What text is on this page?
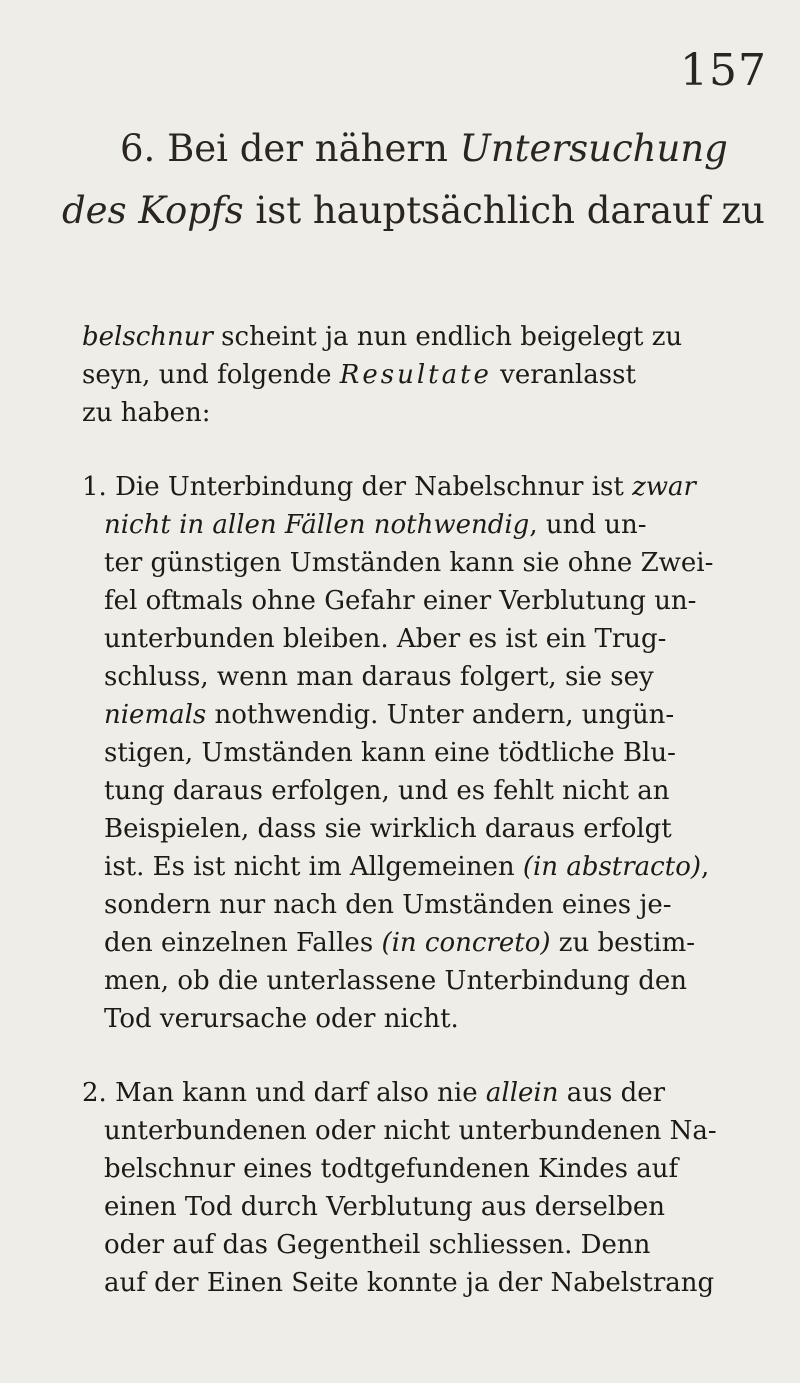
157
6. Bei der nähern Untersuchung
des Kopfs ist hauptsächlich darauf zu
belschnur scheint ja nun endlich beigelegt zu
seyn, und folgende Resultate veranlasst
zu haben:
1. Die Unterbindung der Nabelschnur ist zwar
nicht in allen Fällen nothwendig, und un-
ter günstigen Umständen kann sie ohne Zwei-
fel oftmals ohne Gefahr einer Verblutung un-
unterbunden bleiben. Aber es ist ein Trug-
schluss, wenn man daraus folgert, sie sey
niemals nothwendig. Unter andern, ungün-
stigen, Umständen kann eine tödtliche Blu-
tung daraus erfolgen, und es fehlt nicht an
Beispielen, dass sie wirklich daraus erfolgt
ist. Es ist nicht im Allgemeinen (in abstracto),
sondern nur nach den Umständen eines je-
den einzelnen Falles (in concreto) zu bestim-
men, ob die unterlassene Unterbindung den
Tod verursache oder nicht.
2. Man kann und darf also nie allein aus der
unterbundenen oder nicht unterbundenen Na-
belschnur eines todtgefundenen Kindes auf
einen Tod durch Verblutung aus derselben
oder auf das Gegentheil schliessen. Denn
auf der Einen Seite konnte ja der Nabelstrang
